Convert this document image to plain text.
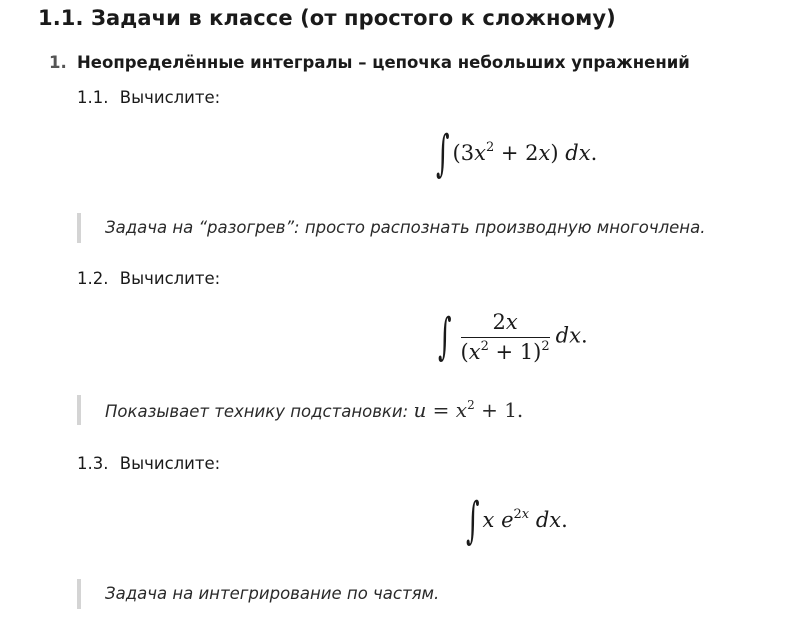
1.1. Задачи в классе (от простого к сложному)
1. Неопределённые интегралы – цепочка небольших упражнений
1.1. Вычислите:
∫ $(3x^2 + 2x)$ dx.
Задача на “разогрев”: просто распознать производную многочлена.
1.2. Вычислите:
∫ $\frac{2x}{(x^2 + 1)^2}$ dx.
Показывает технику подстановки: $u = x^2 + 1$.
1.3. Вычислите:
∫ x $e^{2x}$ dx.
Задача на интегрирование по частям.
